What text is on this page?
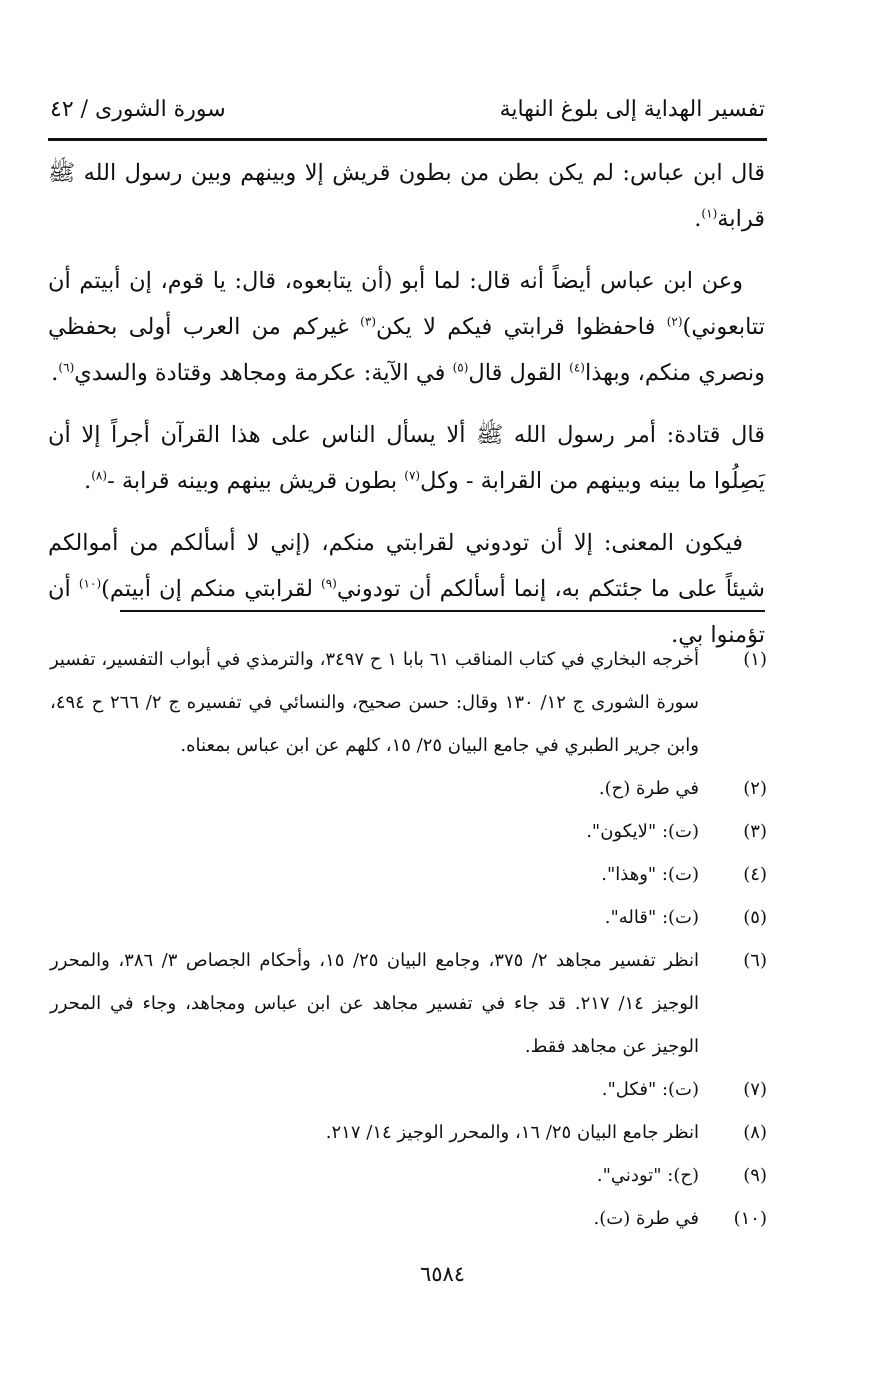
تفسير الهداية إلى بلوغ النهاية
سورة الشورى / ٤٢

قال ابن عباس: لم يكن بطن من بطون قريش إلا وبينهم وبين رسول الله ﷺ قرابة$^{(١)}$.

وعن ابن عباس أيضاً أنه قال: لما أبو (أن يتابعوه، قال: يا قوم، إن أبيتم أن تتابعوني)$^{(٢)}$ فاحفظوا قرابتي فيكم لا يكن$^{(٣)}$ غيركم من العرب أولى بحفظي ونصري منكم، وبهذا$^{(٤)}$ القول قال$^{(٥)}$ في الآية: عكرمة ومجاهد وقتادة والسدي$^{(٦)}$.

قال قتادة: أمر رسول الله ﷺ ألا يسأل الناس على هذا القرآن أجراً إلا أن يَصِلُوا ما بينه وبينهم من القرابة - وكل$^{(٧)}$ بطون قريش بينهم وبينه قرابة -$^{(٨)}$.

فيكون المعنى: إلا أن تودوني لقرابتي منكم، (إني لا أسألكم من أموالكم شيئاً على ما جئتكم به، إنما أسألكم أن تودوني$^{(٩)}$ لقرابتي منكم إن أبيتم)$^{(١٠)}$ أن تؤمنوا بي.

(١)
أخرجه البخاري في كتاب المناقب ٦١ بابا ١ ح ٣٤٩٧، والترمذي في أبواب التفسير، تفسير سورة الشورى ج ١٢/ ١٣٠ وقال: حسن صحيح، والنسائي في تفسيره ج ٢/ ٢٦٦ ح ٤٩٤، وابن جرير الطبري في جامع البيان ٢٥/ ١٥، كلهم عن ابن عباس بمعناه.
(٢)
في طرة (ح).
(٣)
(ت): "لايكون".
(٤)
(ت): "وهذا".
(٥)
(ت): "قاله".
(٦)
انظر تفسير مجاهد ٢/ ٣٧٥، وجامع البيان ٢٥/ ١٥، وأحكام الجصاص ٣/ ٣٨٦، والمحرر الوجيز ١٤/ ٢١٧. قد جاء في تفسير مجاهد عن ابن عباس ومجاهد، وجاء في المحرر الوجيز عن مجاهد فقط.
(٧)
(ت): "فكل".
(٨)
انظر جامع البيان ٢٥/ ١٦، والمحرر الوجيز ١٤/ ٢١٧.
(٩)
(ح): "تودني".
(١٠)
في طرة (ت).
٦٥٨٤
